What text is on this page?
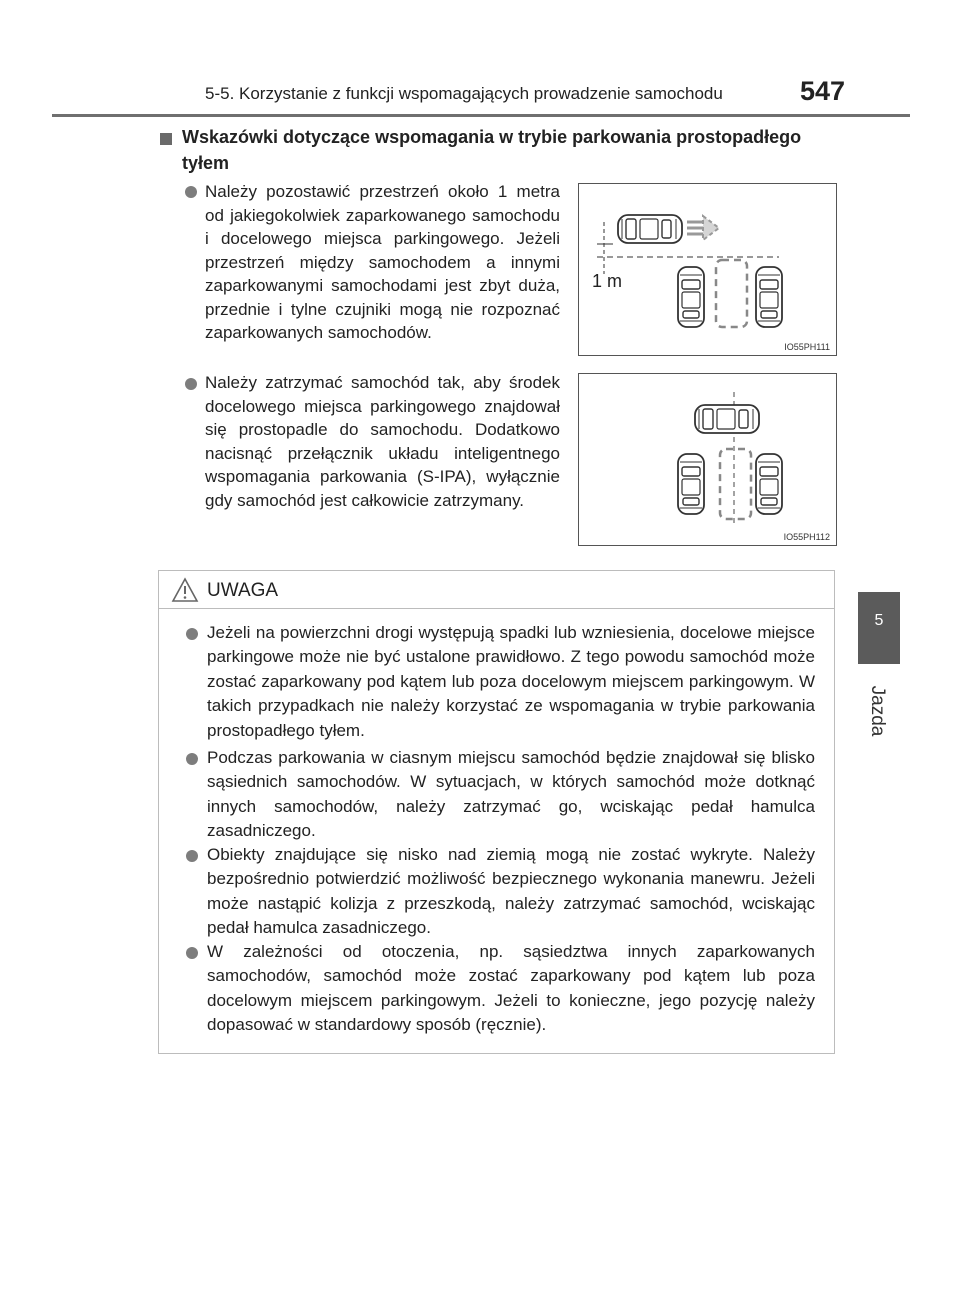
5-5. Korzystanie z funkcji wspomagających prowadzenie samochodu	547
5
Jazda
Wskazówki dotyczące wspomagania w trybie parkowania prostopadłego tyłem
Należy pozostawić przestrzeń około 1 metra od jakiegokolwiek zaparkowanego samochodu i docelowego miejsca parkingowego. Jeżeli przestrzeń między samochodem a innymi zaparkowanymi samochodami jest zbyt duża, przednie i tylne czujniki mogą nie rozpoznać zaparkowanych samochodów.
1 m
IO55PH111
Należy zatrzymać samochód tak, aby środek docelowego miejsca parkingowego znajdował się prostopadle do samochodu. Dodatkowo nacisnąć przełącznik układu inteligentnego wspomagania parkowania (S-IPA), wyłącznie gdy samochód jest całkowicie zatrzymany.
IO55PH112
UWAGA
Jeżeli na powierzchni drogi występują spadki lub wzniesienia, docelowe miejsce parkingowe może nie być ustalone prawidłowo. Z tego powodu samochód może zostać zaparkowany pod kątem lub poza docelowym miejscem parkingowym. W takich przypadkach nie należy korzystać ze wspomagania w trybie parkowania prostopadłego tyłem.
Podczas parkowania w ciasnym miejscu samochód będzie znajdował się blisko sąsiednich samochodów. W sytuacjach, w których samochód może dotknąć innych samochodów, należy zatrzymać go, wciskając pedał hamulca zasadniczego.
Obiekty znajdujące się nisko nad ziemią mogą nie zostać wykryte. Należy bezpośrednio potwierdzić możliwość bezpiecznego wykonania manewru. Jeżeli może nastąpić kolizja z przeszkodą, należy zatrzymać samochód, wciskając pedał hamulca zasadniczego.
W zależności od otoczenia, np. sąsiedztwa innych zaparkowanych samochodów, samochód może zostać zaparkowany pod kątem lub poza docelowym miejscem parkingowym. Jeżeli to konieczne, jego pozycję należy dopasować w standardowy sposób (ręcznie).
